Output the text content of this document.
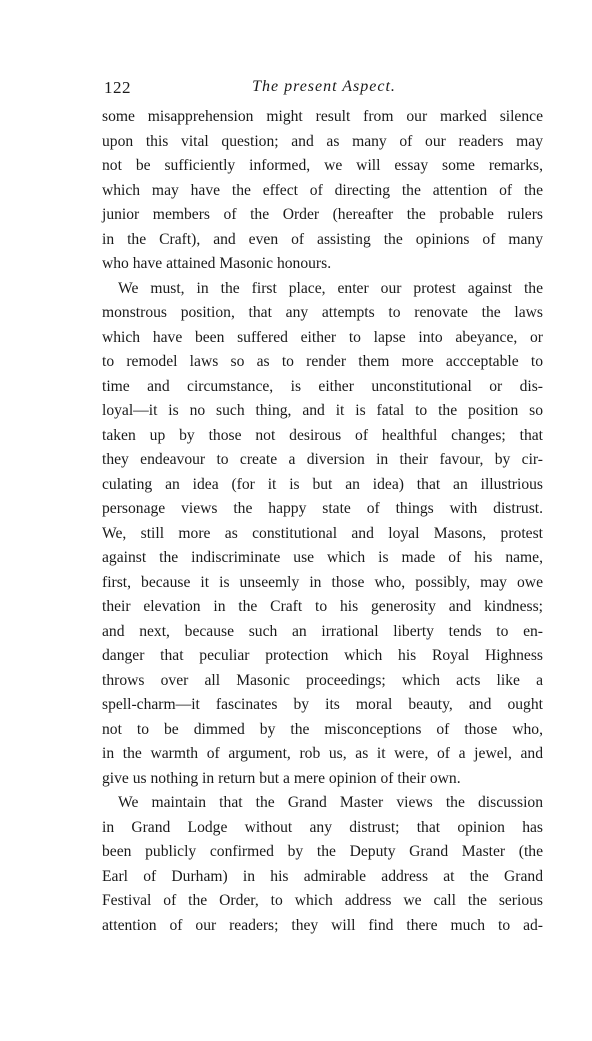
122	The present Aspect.
some misapprehension might result from our marked silence
upon this vital question; and as many of our readers may
not be sufficiently informed, we will essay some remarks,
which may have the effect of directing the attention of the
junior members of the Order (hereafter the probable rulers
in the Craft), and even of assisting the opinions of many
who have attained Masonic honours.
We must, in the first place, enter our protest against the
monstrous position, that any attempts to renovate the laws
which have been suffered either to lapse into abeyance, or
to remodel laws so as to render them more accceptable to
time and circumstance, is either unconstitutional or dis-
loyal—it is no such thing, and it is fatal to the position so
taken up by those not desirous of healthful changes; that
they endeavour to create a diversion in their favour, by cir-
culating an idea (for it is but an idea) that an illustrious
personage views the happy state of things with distrust.
We, still more as constitutional and loyal Masons, protest
against the indiscriminate use which is made of his name,
first, because it is unseemly in those who, possibly, may owe
their elevation in the Craft to his generosity and kindness;
and next, because such an irrational liberty tends to en-
danger that peculiar protection which his Royal Highness
throws over all Masonic proceedings; which acts like a
spell-charm—it fascinates by its moral beauty, and ought
not to be dimmed by the misconceptions of those who,
in the warmth of argument, rob us, as it were, of a jewel, and
give us nothing in return but a mere opinion of their own.
We maintain that the Grand Master views the discussion
in Grand Lodge without any distrust; that opinion has
been publicly confirmed by the Deputy Grand Master (the
Earl of Durham) in his admirable address at the Grand
Festival of the Order, to which address we call the serious
attention of our readers; they will find there much to ad-
